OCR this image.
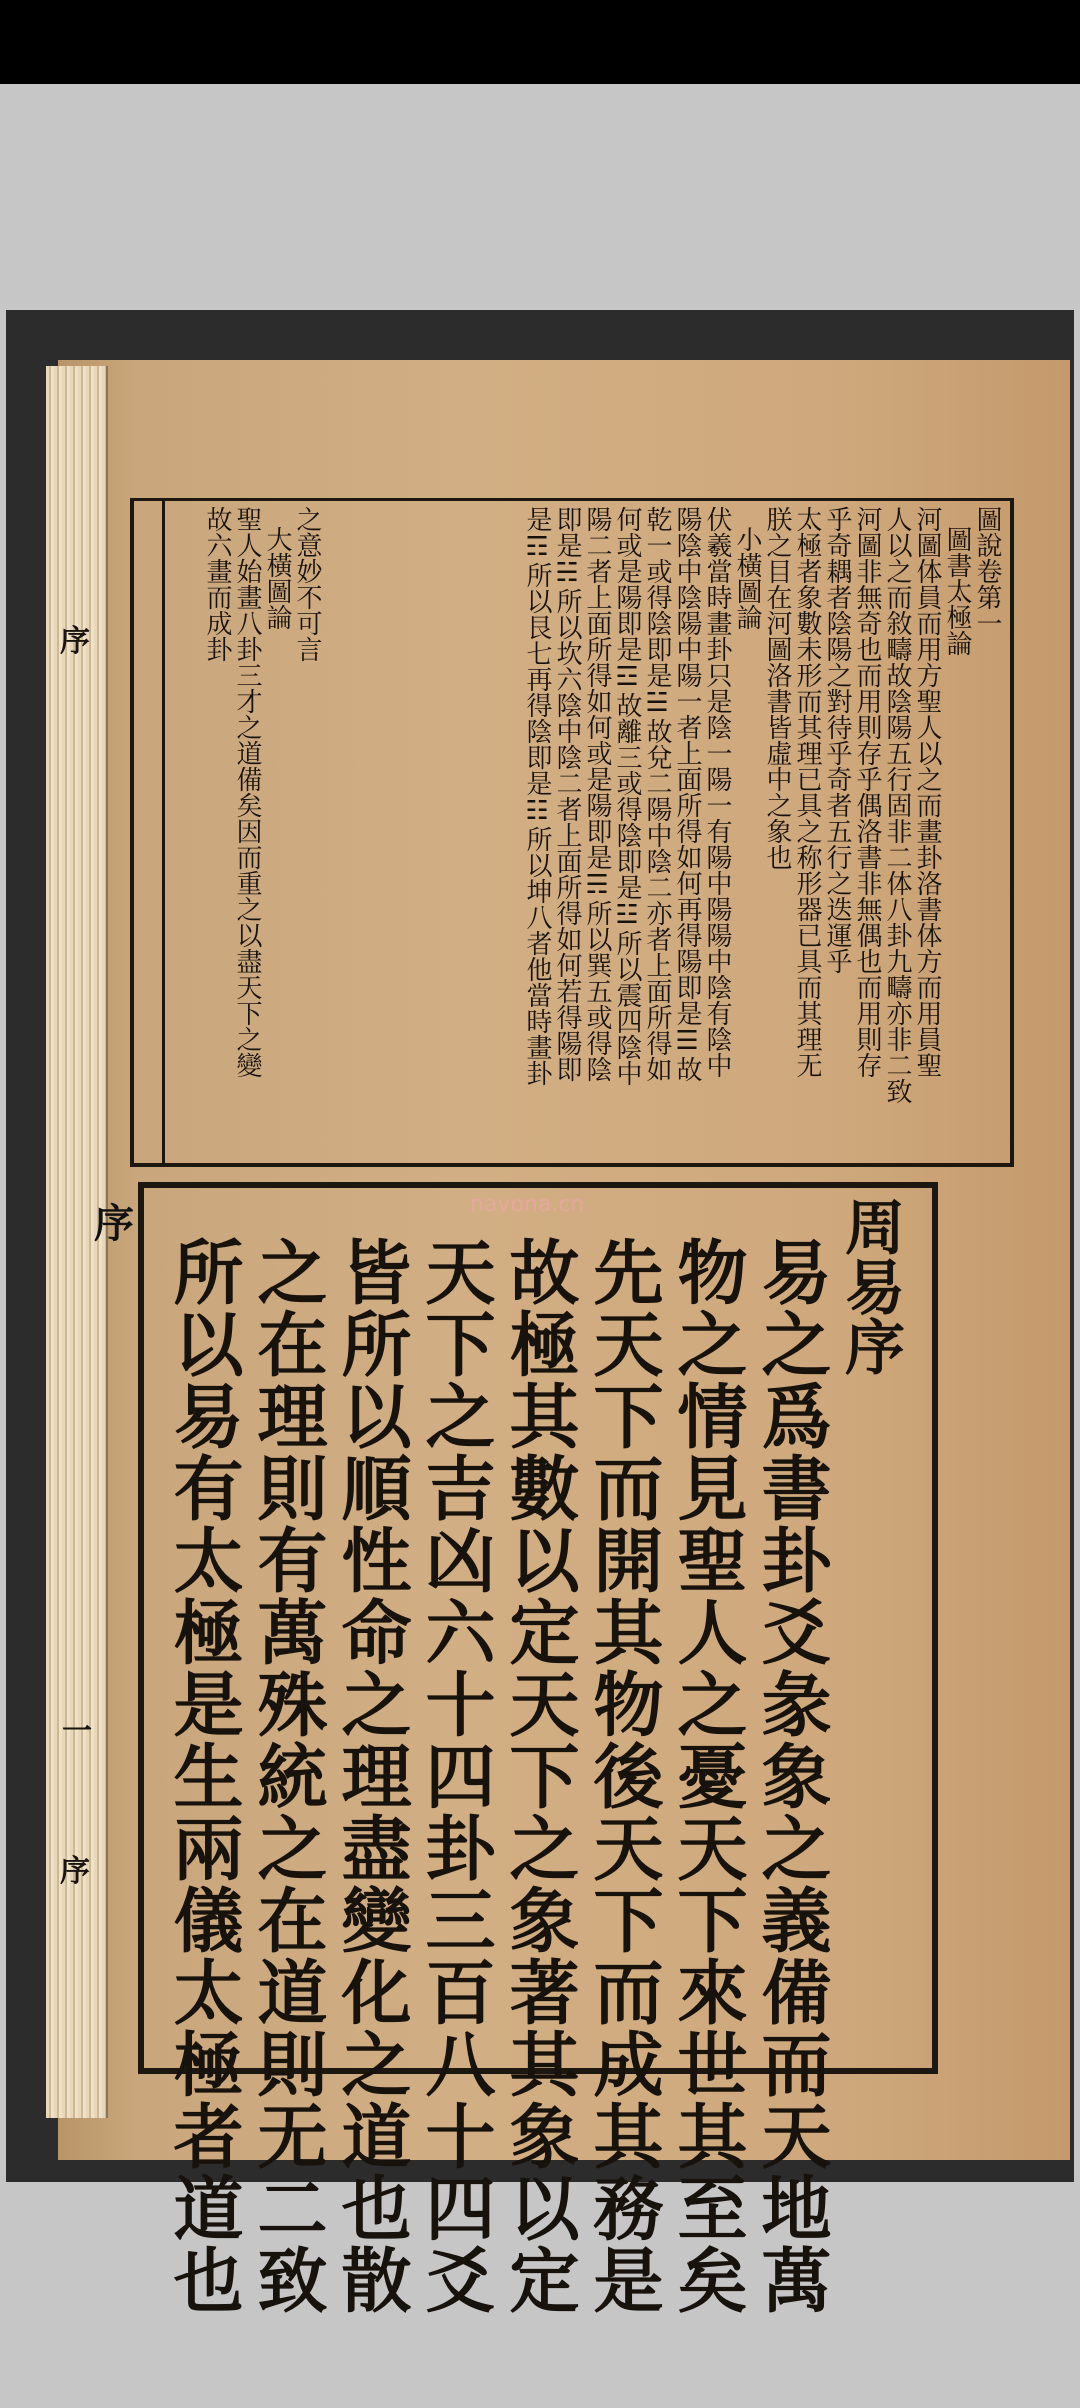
序
一
序
序
圖說卷第一
圖書太極論
河圖体員而用方聖人以之而畫卦洛書体方而用員聖
人以之而敘疇故陰陽五行固非二体八卦九疇亦非二致
河圖非無奇也而用則存乎偶洛書非無偶也而用則存
乎奇耦者陰陽之對待乎奇者五行之迭運乎
太極者象數未形而其理已具之称形器已具而其理无
朕之目在河圖洛書皆虛中之象也
小橫圖論
伏羲當時畫卦只是陰一陽一有陽中陽陽中陰有陰中
陽陰中陰陽中陽一者上面所得如何再得陽即是☰故
乾一或得陰即是☱故兌二陽中陰二亦者上面所得如
何或是陽即是☲故離三或得陰即是☳所以震四陰中
陽二者上面所得如何或是陽即是☴所以巽五或得陰
即是☵所以坎六陰中陰二者上面所得如何若得陽即
是☶所以艮七再得陰即是☷所以坤八者他當時畫卦
之意妙不可言
大橫圖論
聖人始畫八卦三才之道備矣因而重之以盡天下之變
故六畫而成卦
navona.cn	周易序
易之爲書卦爻彖象之義備而天地萬
物之情見聖人之憂天下來世其至矣
先天下而開其物後天下而成其務是
故極其數以定天下之象著其象以定
天下之吉凶六十四卦三百八十四爻
皆所以順性命之理盡變化之道也散
之在理則有萬殊統之在道則无二致
所以易有太極是生兩儀太極者道也
